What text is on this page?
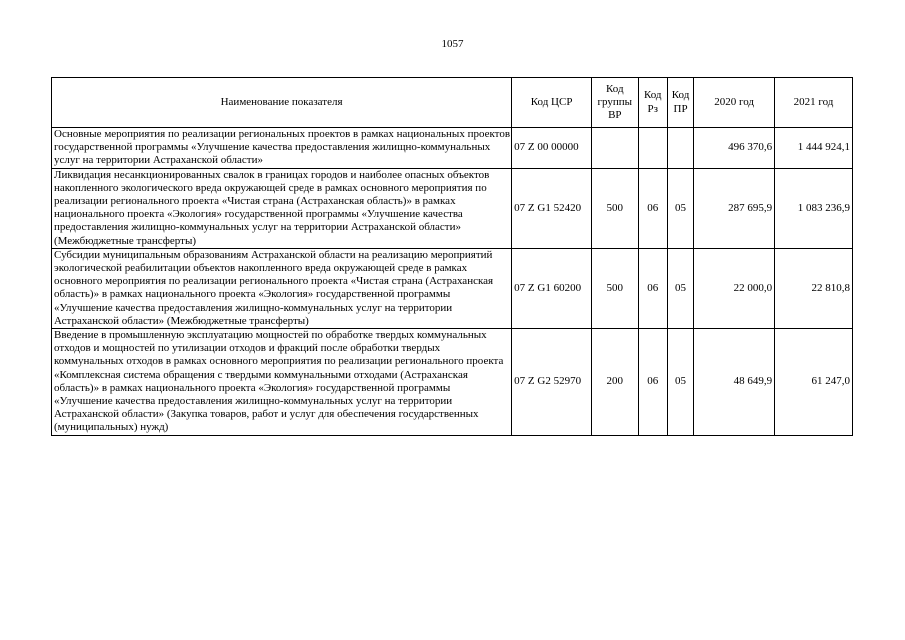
1057
Наименование показателя	Код ЦСР	Код группы ВР	Код Рз	Код ПР	2020 год	2021 год
Основные мероприятия по реализации региональных проектов в рамках национальных проектов государственной программы «Улучшение качества предоставления жилищно-коммунальных услуг на территории Астраханской области»	07 Z 00 00000				496 370,6	1 444 924,1
Ликвидация несанкционированных свалок в границах городов и наиболее опасных объектов накопленного экологического вреда окружающей среде в рамках основного мероприятия по реализации регионального проекта «Чистая страна (Астраханская область)» в рамках национального проекта «Экология» государственной программы «Улучшение качества предоставления жилищно-коммунальных услуг на территории Астраханской области» (Межбюджетные трансферты)	07 Z G1 52420	500	06	05	287 695,9	1 083 236,9
Субсидии муниципальным образованиям Астраханской области на реализацию мероприятий экологической реабилитации объектов накопленного вреда окружающей среде в рамках основного мероприятия по реализации регионального проекта «Чистая страна (Астраханская область)» в рамках национального проекта «Экология» государственной программы «Улучшение качества предоставления жилищно-коммунальных услуг на территории Астраханской области» (Межбюджетные трансферты)	07 Z G1 60200	500	06	05	22 000,0	22 810,8
Введение в промышленную эксплуатацию мощностей по обработке твердых коммунальных отходов и мощностей по утилизации отходов и фракций после обработки твердых коммунальных отходов в рамках основного мероприятия по реализации регионального проекта «Комплексная система обращения с твердыми коммунальными отходами (Астраханская область)» в рамках национального проекта «Экология» государственной программы «Улучшение качества предоставления жилищно-коммунальных услуг на территории Астраханской области» (Закупка товаров, работ и услуг для обеспечения государственных (муниципальных) нужд)	07 Z G2 52970	200	06	05	48 649,9	61 247,0
